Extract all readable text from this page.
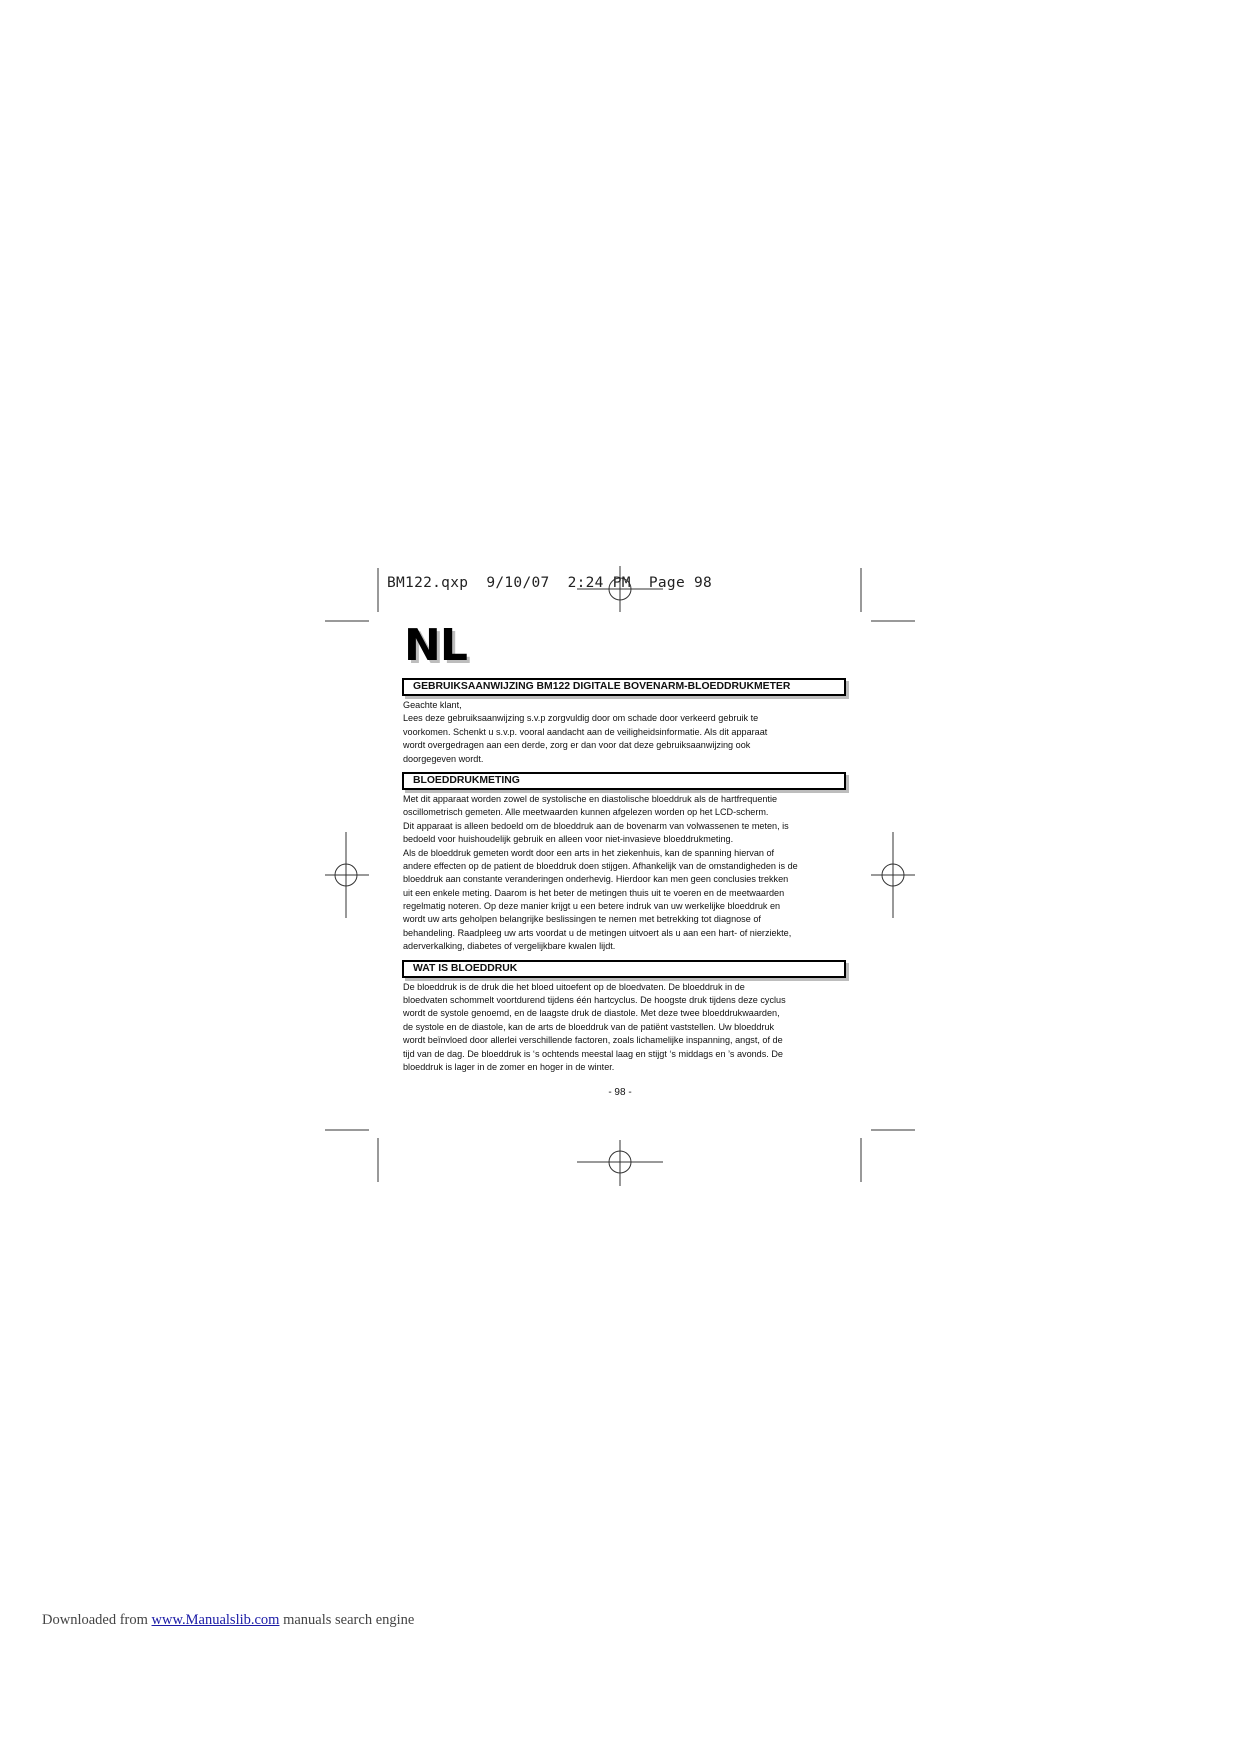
BM122.qxp  9/10/07  2:24 PM  Page 98
NL
GEBRUIKSAANWIJZING BM122 DIGITALE BOVENARM-BLOEDDRUKMETER
Geachte klant,
Lees deze gebruiksaanwijzing s.v.p zorgvuldig door om schade door verkeerd gebruik te
voorkomen. Schenkt u s.v.p. vooral aandacht aan de veiligheidsinformatie. Als dit apparaat
wordt overgedragen aan een derde, zorg er dan voor dat deze gebruiksaanwijzing ook
doorgegeven wordt.
BLOEDDRUKMETING
Met dit apparaat worden zowel de systolische en diastolische bloeddruk als de hartfrequentie
oscillometrisch gemeten. Alle meetwaarden kunnen afgelezen worden op het LCD-scherm.
Dit apparaat is alleen bedoeld om de bloeddruk aan de bovenarm van volwassenen te meten, is
bedoeld voor huishoudelijk gebruik en alleen voor niet-invasieve bloeddrukmeting.
Als de bloeddruk gemeten wordt door een arts in het ziekenhuis, kan de spanning hiervan of
andere effecten op de patient de bloeddruk doen stijgen. Afhankelijk van de omstandigheden is de
bloeddruk aan constante veranderingen onderhevig. Hierdoor kan men geen conclusies trekken
uit een enkele meting. Daarom is het beter de metingen thuis uit te voeren en de meetwaarden
regelmatig noteren. Op deze manier krijgt u een betere indruk van uw werkelijke bloeddruk en
wordt uw arts geholpen belangrijke beslissingen te nemen met betrekking tot diagnose of
behandeling. Raadpleeg uw arts voordat u de metingen uitvoert als u aan een hart- of nierziekte,
aderverkalking, diabetes of vergelijkbare kwalen lijdt.
WAT IS BLOEDDRUK
De bloeddruk is de druk die het bloed uitoefent op de bloedvaten. De bloeddruk in de
bloedvaten schommelt voortdurend tijdens één hartcyclus. De hoogste druk tijdens deze cyclus
wordt de systole genoemd, en de laagste druk de diastole. Met deze twee bloeddrukwaarden,
de systole en de diastole, kan de arts de bloeddruk van de patiënt vaststellen. Uw bloeddruk
wordt beïnvloed door allerlei verschillende factoren, zoals lichamelijke inspanning, angst, of de
tijd van de dag. De bloeddruk is ‘s ochtends meestal laag en stijgt ‘s middags en ’s avonds. De
bloeddruk is lager in de zomer en hoger in de winter.
- 98 -
Downloaded from www.Manualslib.com manuals search engine
